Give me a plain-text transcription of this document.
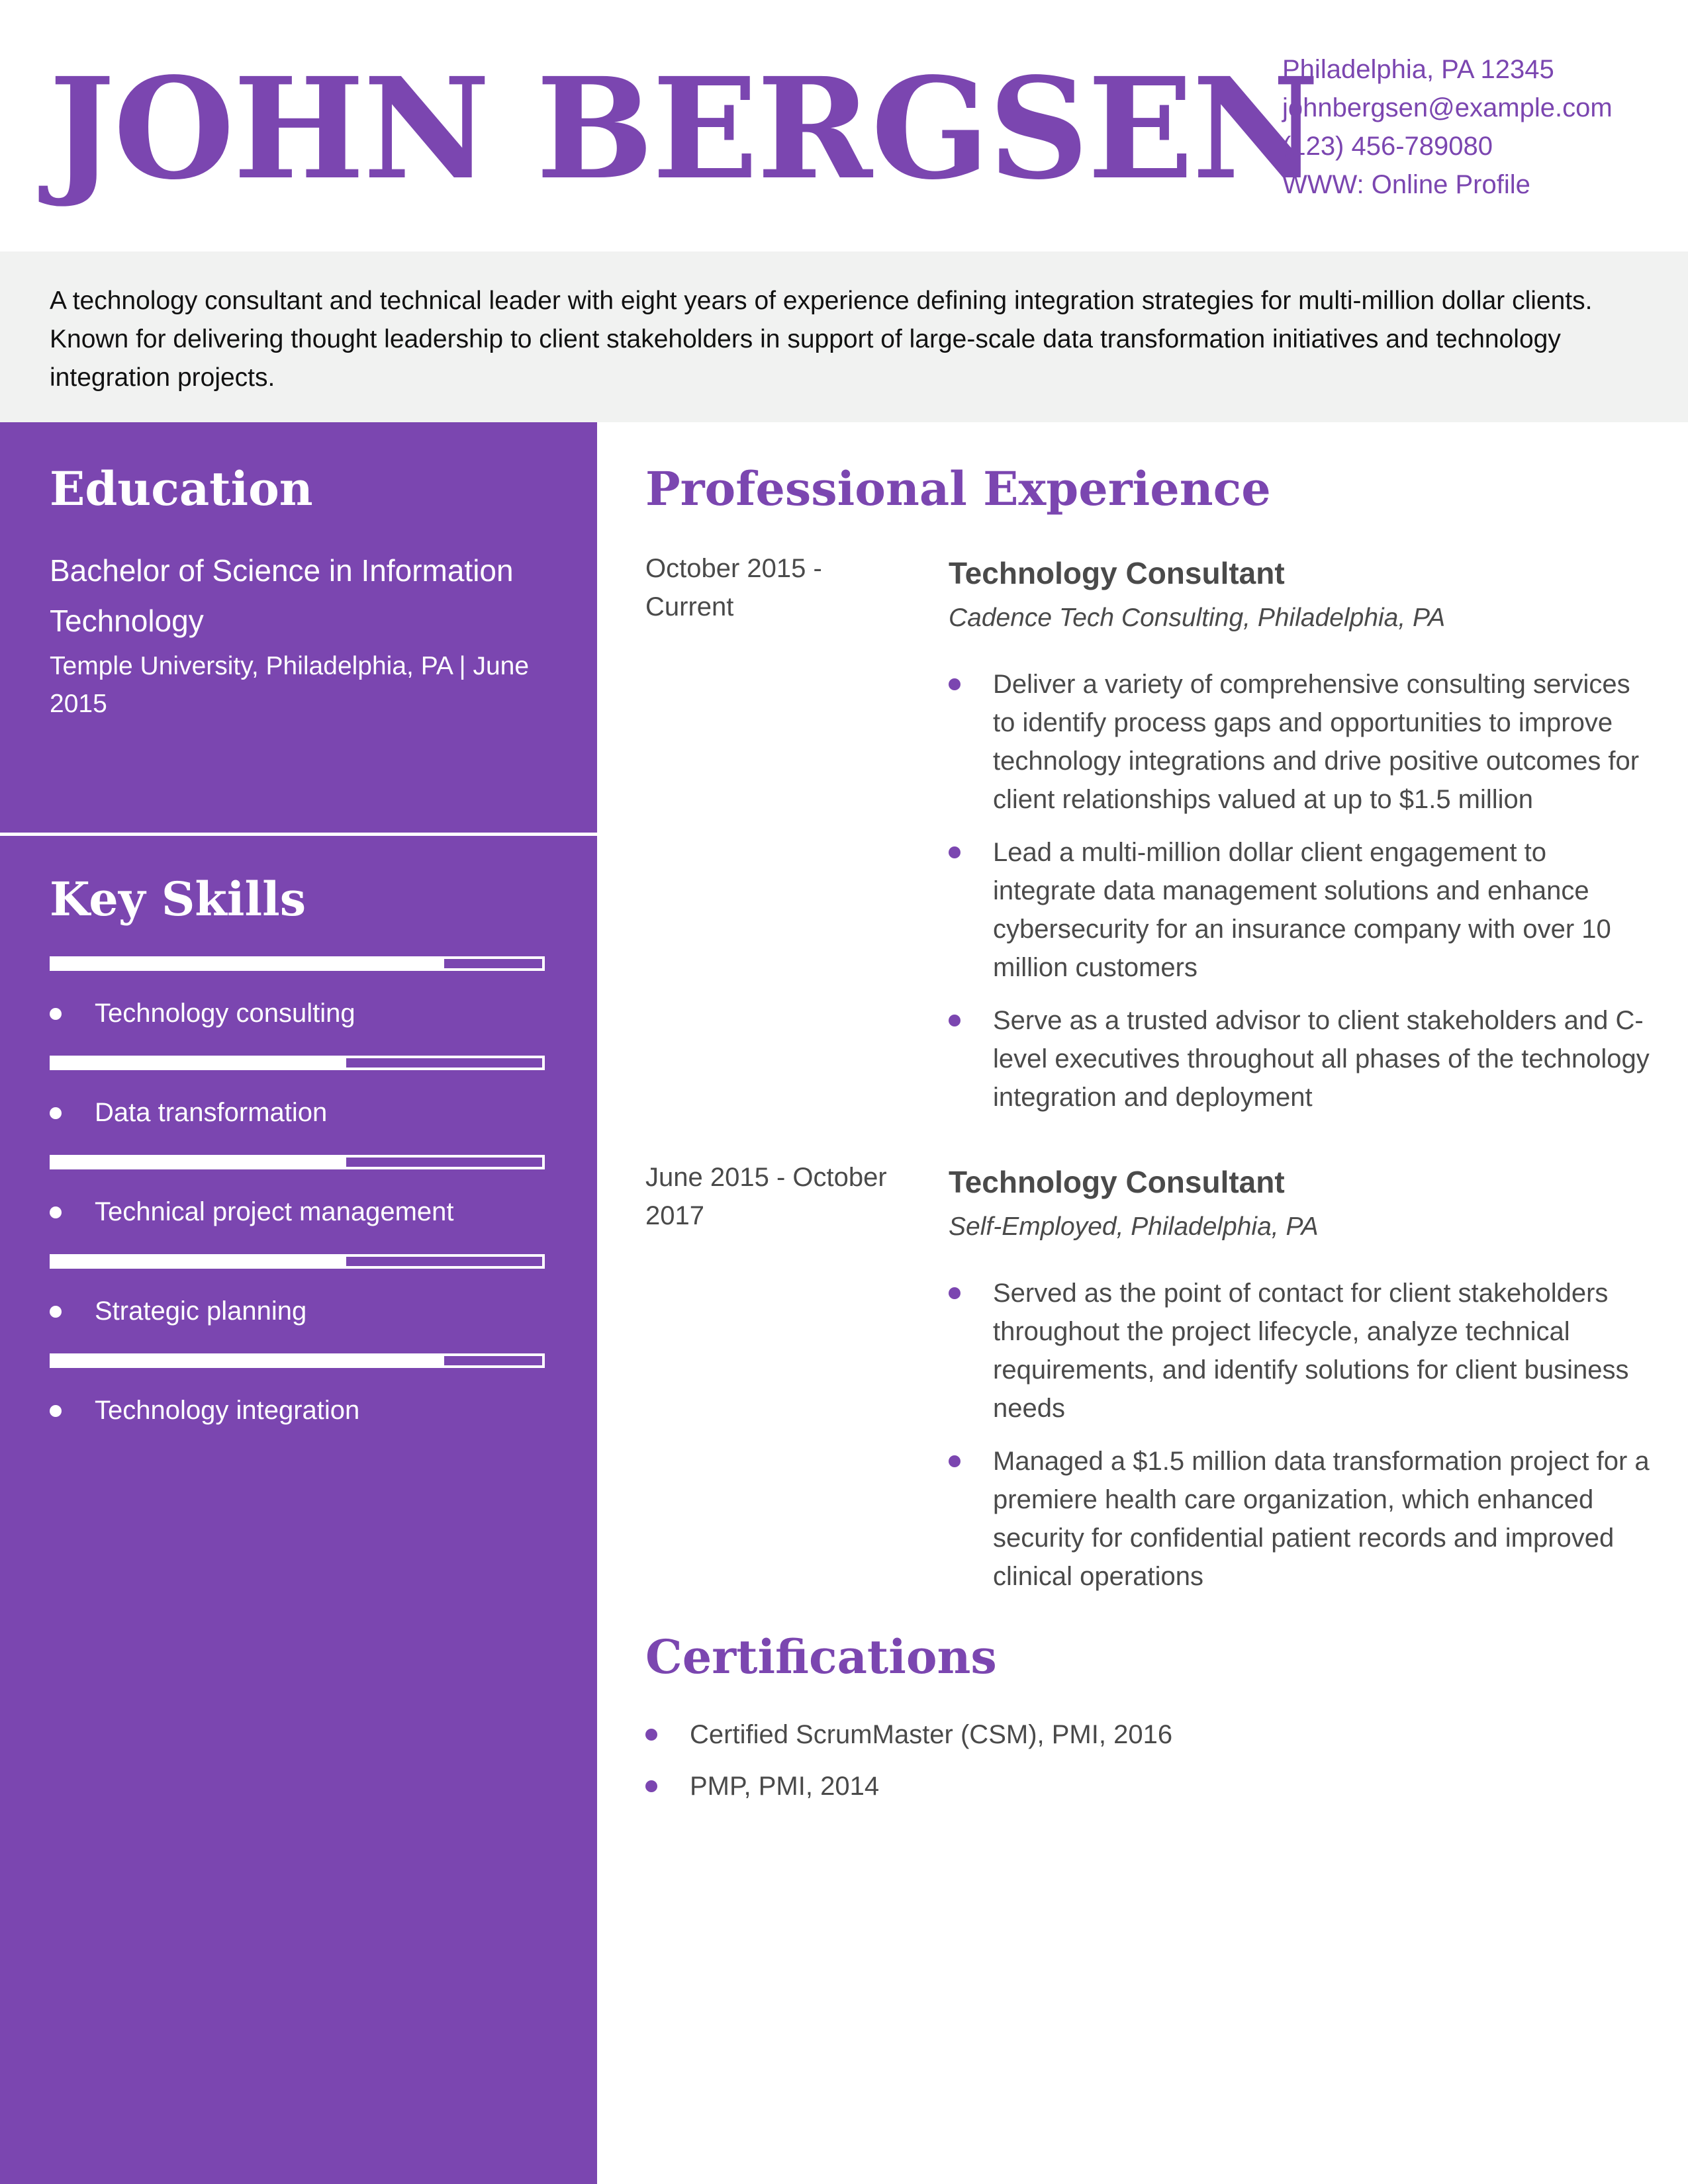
JOHN BERGSEN
Philadelphia, PA 12345
johnbergsen@example.com
(123) 456-789080
WWW: Online Profile

A technology consultant and technical leader with eight years of experience defining integration strategies for multi-million dollar clients. Known for delivering thought leadership to client stakeholders in support of large-scale data transformation initiatives and technology integration projects.

Education
Bachelor of Science in Information Technology
Temple University, Philadelphia, PA | June 2015
Key Skills
Technology consulting
Data transformation
Technical project management
Strategic planning
Technology integration
Professional Experience
October 2015 - Current
Technology Consultant
Cadence Tech Consulting, Philadelphia, PA
Deliver a variety of comprehensive consulting services to identify process gaps and opportunities to improve technology integrations and drive positive outcomes for client relationships valued at up to $1.5 million
Lead a multi-million dollar client engagement to integrate data management solutions and enhance cybersecurity for an insurance company with over 10 million customers
Serve as a trusted advisor to client stakeholders and C-level executives throughout all phases of the technology integration and deployment
June 2015 - October 2017
Technology Consultant
Self-Employed, Philadelphia, PA
Served as the point of contact for client stakeholders throughout the project lifecycle, analyze technical requirements, and identify solutions for client business needs
Managed a $1.5 million data transformation project for a premiere health care organization, which enhanced security for confidential patient records and improved clinical operations
Certifications
Certified ScrumMaster (CSM), PMI, 2016
PMP, PMI, 2014
